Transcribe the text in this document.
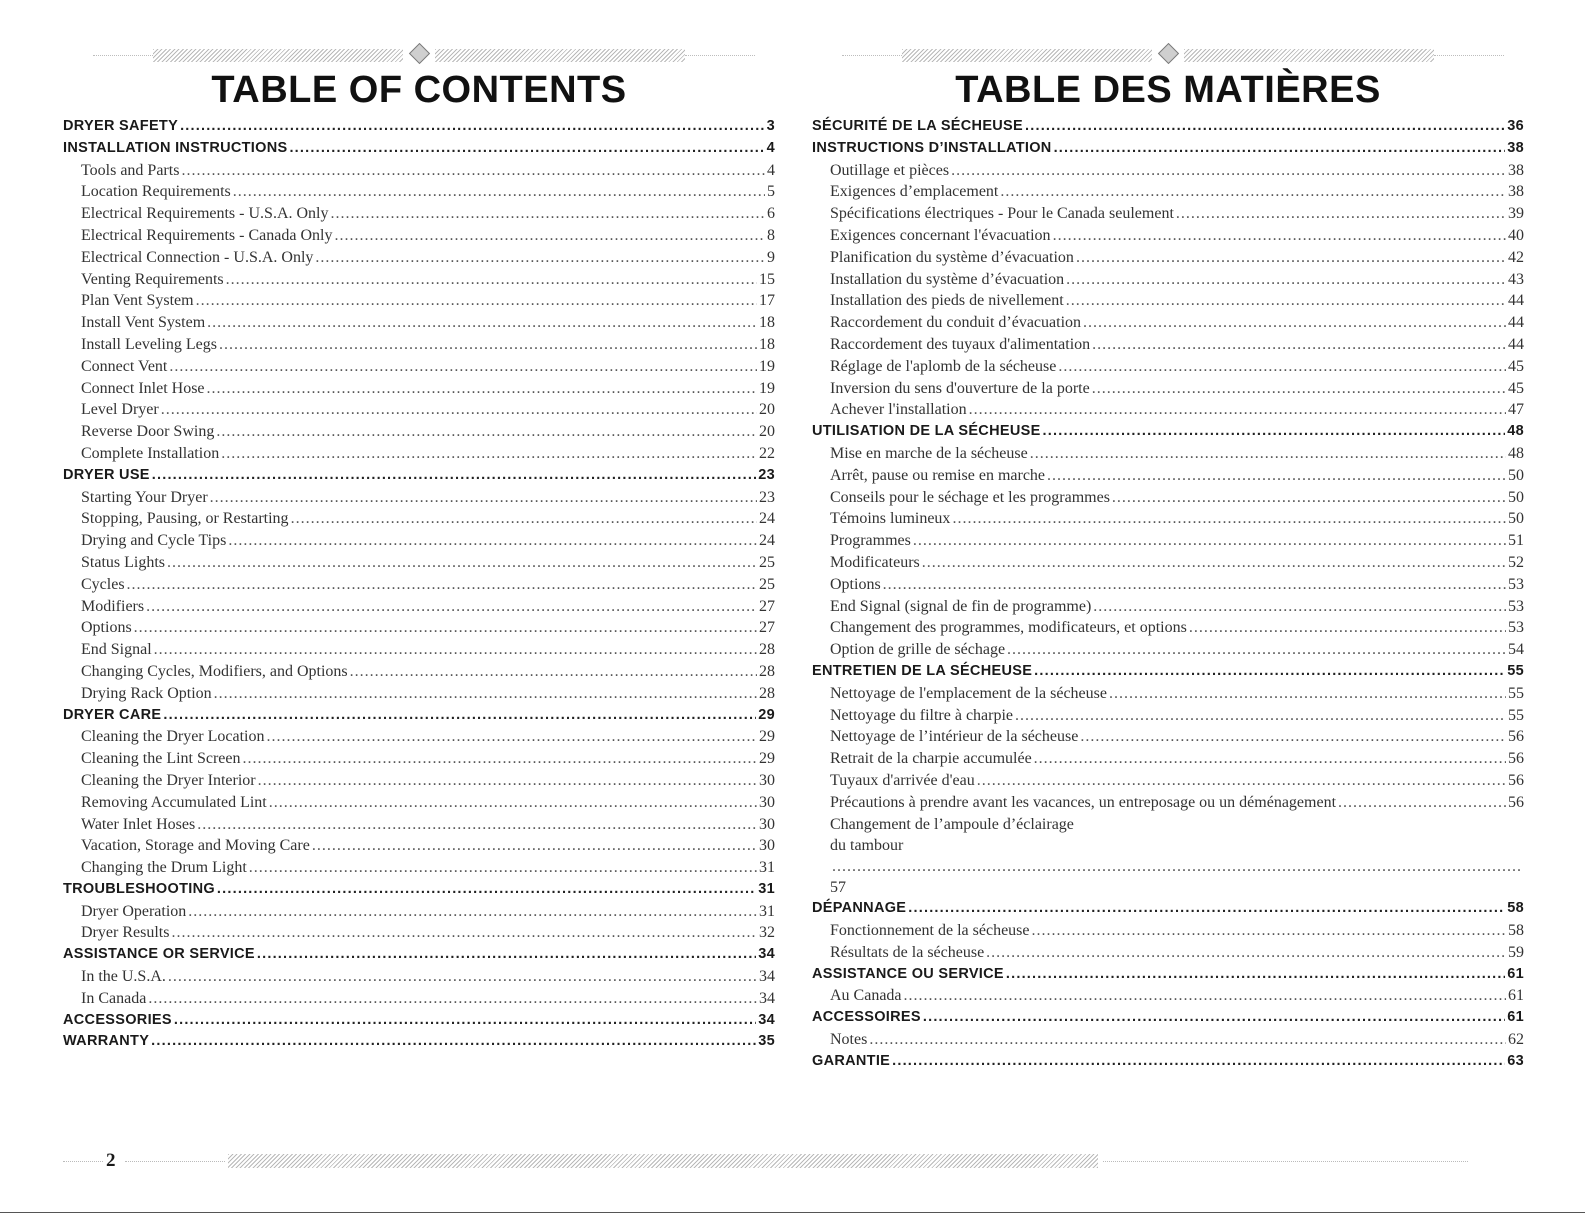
TABLE OF CONTENTS
DRYER SAFETY .....	3
INSTALLATION INSTRUCTIONS .....	4
Tools and Parts .....	4
Location Requirements .....	5
Electrical Requirements - U.S.A. Only .....	6
Electrical Requirements - Canada Only .....	8
Electrical Connection - U.S.A. Only .....	9
Venting Requirements .....	15
Plan Vent System .....	17
Install Vent System .....	18
Install Leveling Legs .....	18
Connect Vent .....	19
Connect Inlet Hose .....	19
Level Dryer .....	20
Reverse Door Swing .....	20
Complete Installation .....	22
DRYER USE .....	23
Starting Your Dryer .....	23
Stopping, Pausing, or Restarting .....	24
Drying and Cycle Tips .....	24
Status Lights .....	25
Cycles .....	25
Modifiers .....	27
Options .....	27
End Signal .....	28
Changing Cycles, Modifiers, and Options .....	28
Drying Rack Option .....	28
DRYER CARE .....	29
Cleaning the Dryer Location .....	29
Cleaning the Lint Screen .....	29
Cleaning the Dryer Interior .....	30
Removing Accumulated Lint .....	30
Water Inlet Hoses .....	30
Vacation, Storage and Moving Care .....	30
Changing the Drum Light .....	31
TROUBLESHOOTING .....	31
Dryer Operation .....	31
Dryer Results .....	32
ASSISTANCE OR SERVICE .....	34
In the U.S.A. .....	34
In Canada .....	34
ACCESSORIES .....	34
WARRANTY .....	35
TABLE DES MATIÈRES
SÉCURITÉ DE LA SÉCHEUSE .....	36
INSTRUCTIONS D’INSTALLATION .....	38
Outillage et pièces .....	38
Exigences d’emplacement .....	38
Spécifications électriques - Pour le Canada seulement .....	39
Exigences concernant l'évacuation .....	40
Planification du système d’évacuation .....	42
Installation du système d’évacuation .....	43
Installation des pieds de nivellement .....	44
Raccordement du conduit d’évacuation .....	44
Raccordement des tuyaux d'alimentation .....	44
Réglage de l'aplomb de la sécheuse .....	45
Inversion du sens d'ouverture de la porte .....	45
Achever l'installation .....	47
UTILISATION DE LA SÉCHEUSE .....	48
Mise en marche de la sécheuse .....	48
Arrêt, pause ou remise en marche .....	50
Conseils pour le séchage et les programmes .....	50
Témoins lumineux .....	50
Programmes .....	51
Modificateurs .....	52
Options .....	53
End Signal (signal de fin de programme) .....	53
Changement des programmes, modificateurs, et options .....	53
Option de grille de séchage .....	54
ENTRETIEN DE LA SÉCHEUSE .....	55
Nettoyage de l'emplacement de la sécheuse .....	55
Nettoyage du filtre à charpie .....	55
Nettoyage de l’intérieur de la sécheuse .....	56
Retrait de la charpie accumulée .....	56
Tuyaux d'arrivée d'eau .....	56
Précautions à prendre avant les vacances, un entreposage ou un déménagement .....	56
Changement de l’ampoule d’éclairage
du tambour
.....
57
DÉPANNAGE .....	58
Fonctionnement de la sécheuse .....	58
Résultats de la sécheuse .....	59
ASSISTANCE OU SERVICE .....	61
Au Canada .....	61
ACCESSOIRES .....	61
Notes .....	62
GARANTIE .....	63
2
